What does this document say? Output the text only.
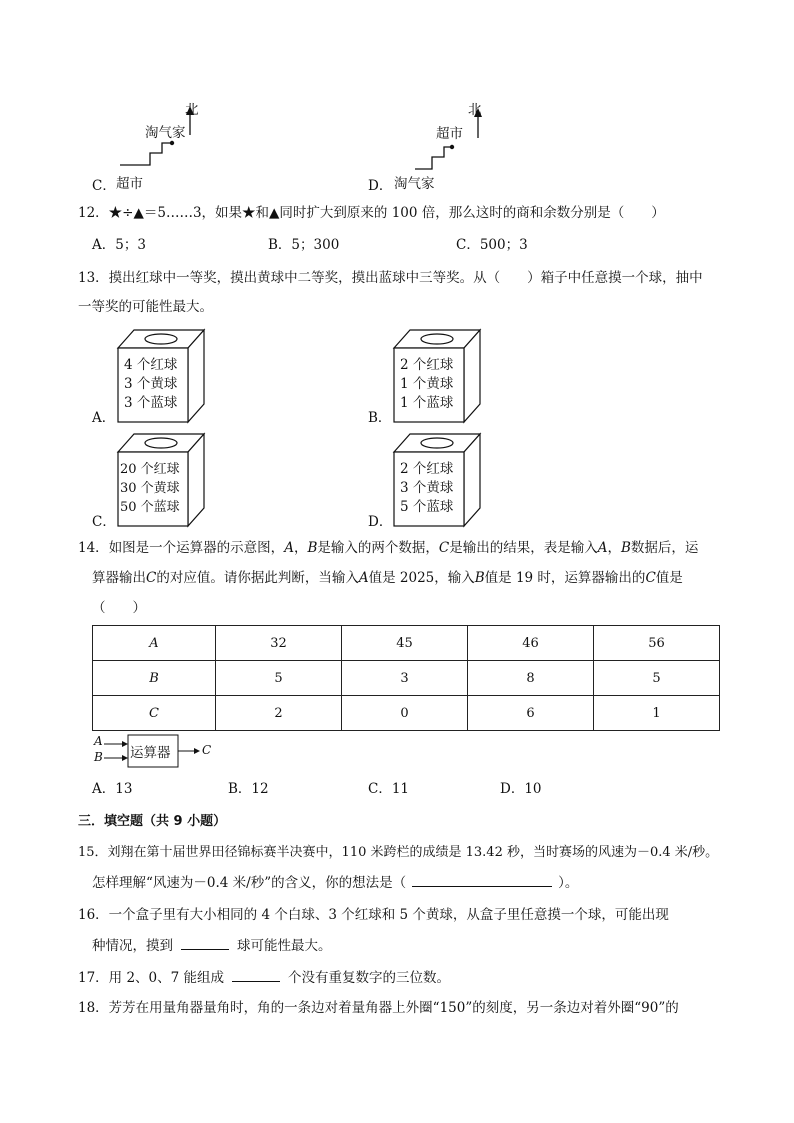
北
淘气家
C． 超市
北
超市
D． 淘气家
12．★÷▲＝5……3，如果★和▲同时扩大到原来的 100 倍，那么这时的商和余数分别是（　　）
A．5；3	B．5；300	C．500；3
13．摸出红球中一等奖，摸出黄球中二等奖，摸出蓝球中三等奖。从（　　）箱子中任意摸一个球，抽中
一等奖的可能性最大。
4 个红球
3 个黄球
3 个蓝球
A．
2 个红球
1 个黄球
1 个蓝球
B．
20 个红球
30 个黄球
50 个蓝球
C．
2 个红球
3 个黄球
5 个蓝球
D．
14．如图是一个运算器的示意图，A，B是输入的两个数据，C是输出的结果，表是输入A，B数据后，运
算器输出C的对应值。请你据此判断，当输入A值是 2025，输入B值是 19 时，运算器输出的C值是
（　　）
A	32	45	46	56
B	5	3	8	5
C	2	0	6	1
A
B 运算器	C
A．13	B．12	C．11	D．10
三．填空题（共 9 小题）
15．刘翔在第十届世界田径锦标赛半决赛中，110 米跨栏的成绩是 13.42 秒，当时赛场的风速为－0.4 米/秒。
怎样理解“风速为－0.4 米/秒”的含义，你的想法是（	）。
16．一个盒子里有大小相同的 4 个白球、3 个红球和 5 个黄球，从盒子里任意摸一个球，可能出现
种情况，摸到	球可能性最大。
17．用 2、0、7 能组成	个没有重复数字的三位数。
18．芳芳在用量角器量角时，角的一条边对着量角器上外圈“150”的刻度，另一条边对着外圈“90”的
